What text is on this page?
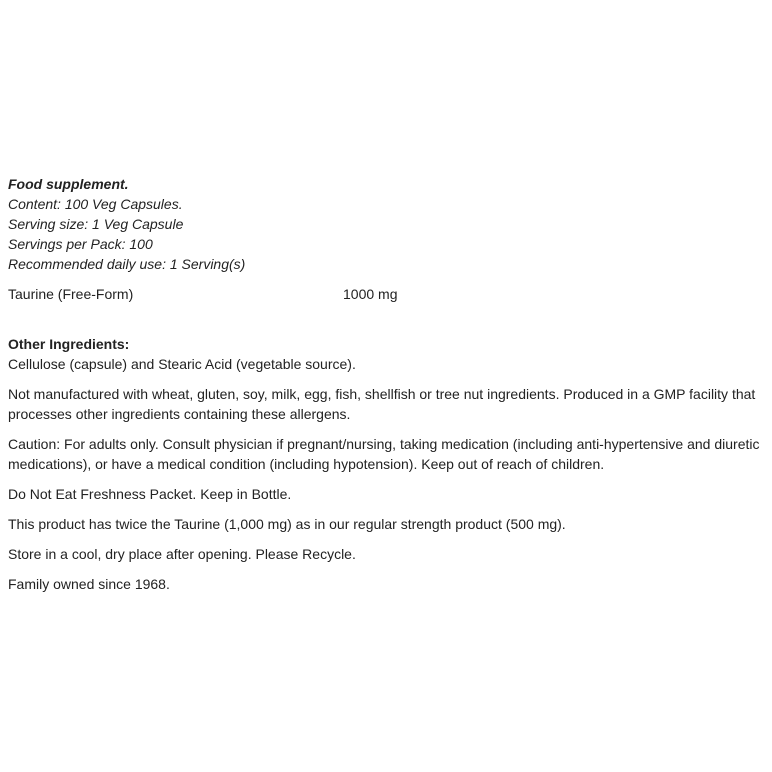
Food supplement.
Content: 100 Veg Capsules.
Serving size: 1 Veg Capsule
Servings per Pack: 100
Recommended daily use: 1 Serving(s)
Taurine (Free-Form)	1000 mg
Other Ingredients:
Cellulose (capsule) and Stearic Acid (vegetable source).
Not manufactured with wheat, gluten, soy, milk, egg, fish, shellfish or tree nut ingredients. Produced in a GMP facility that
processes other ingredients containing these allergens.
Caution: For adults only. Consult physician if pregnant/nursing, taking medication (including anti-hypertensive and diuretic
medications), or have a medical condition (including hypotension). Keep out of reach of children.
Do Not Eat Freshness Packet. Keep in Bottle.
This product has twice the Taurine (1,000 mg) as in our regular strength product (500 mg).
Store in a cool, dry place after opening. Please Recycle.
Family owned since 1968.
